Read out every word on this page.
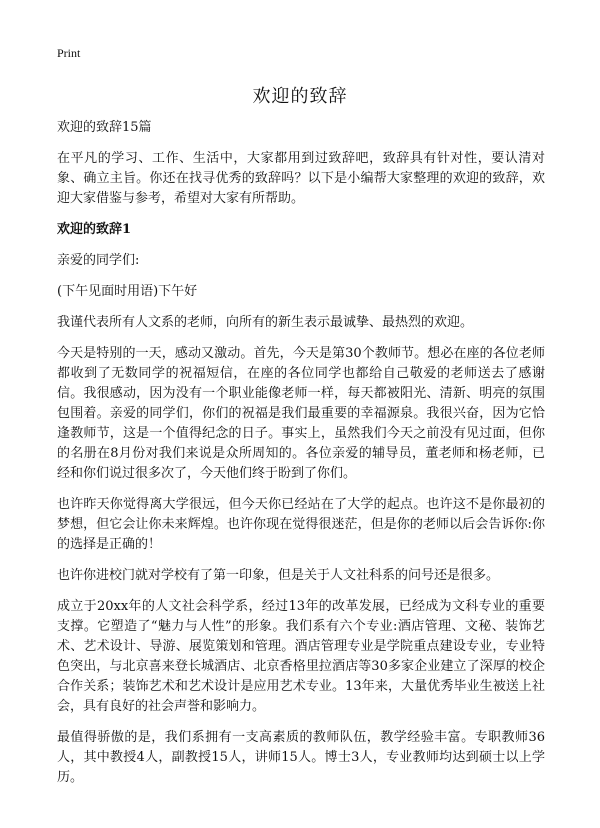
Print
欢迎的致辞

欢迎的致辞15篇

在平凡的学习、工作、生活中，大家都用到过致辞吧，致辞具有针对性，要认清对象、确立主旨。你还在找寻优秀的致辞吗？以下是小编帮大家整理的欢迎的致辞，欢迎大家借鉴与参考，希望对大家有所帮助。

欢迎的致辞1

亲爱的同学们:

(下午见面时用语)下午好

我谨代表所有人文系的老师，向所有的新生表示最诚挚、最热烈的欢迎。

今天是特别的一天，感动又激动。首先，今天是第30个教师节。想必在座的各位老师都收到了无数同学的祝福短信，在座的各位同学也都给自己敬爱的老师送去了感谢信。我很感动，因为没有一个职业能像老师一样，每天都被阳光、清新、明亮的氛围包围着。亲爱的同学们，你们的祝福是我们最重要的幸福源泉。我很兴奋，因为它恰逢教师节，这是一个值得纪念的日子。事实上，虽然我们今天之前没有见过面，但你的名册在8月份对我们来说是众所周知的。各位亲爱的辅导员，董老师和杨老师，已经和你们说过很多次了，今天他们终于盼到了你们。

也许昨天你觉得离大学很远，但今天你已经站在了大学的起点。也许这不是你最初的梦想，但它会让你未来辉煌。也许你现在觉得很迷茫，但是你的老师以后会告诉你:你的选择是正确的！

也许你进校门就对学校有了第一印象，但是关于人文社科系的问号还是很多。

成立于20xx年的人文社会科学系，经过13年的改革发展，已经成为文科专业的重要支撑。它塑造了“魅力与人性”的形象。我们系有六个专业:酒店管理、文秘、装饰艺术、艺术设计、导游、展览策划和管理。酒店管理专业是学院重点建设专业，专业特色突出，与北京喜来登长城酒店、北京香格里拉酒店等30多家企业建立了深厚的校企合作关系；装饰艺术和艺术设计是应用艺术专业。13年来，大量优秀毕业生被送上社会，具有良好的社会声誉和影响力。

最值得骄傲的是，我们系拥有一支高素质的教师队伍，教学经验丰富。专职教师36人，其中教授4人，副教授15人，讲师15人。博士3人，专业教师均达到硕士以上学历。
